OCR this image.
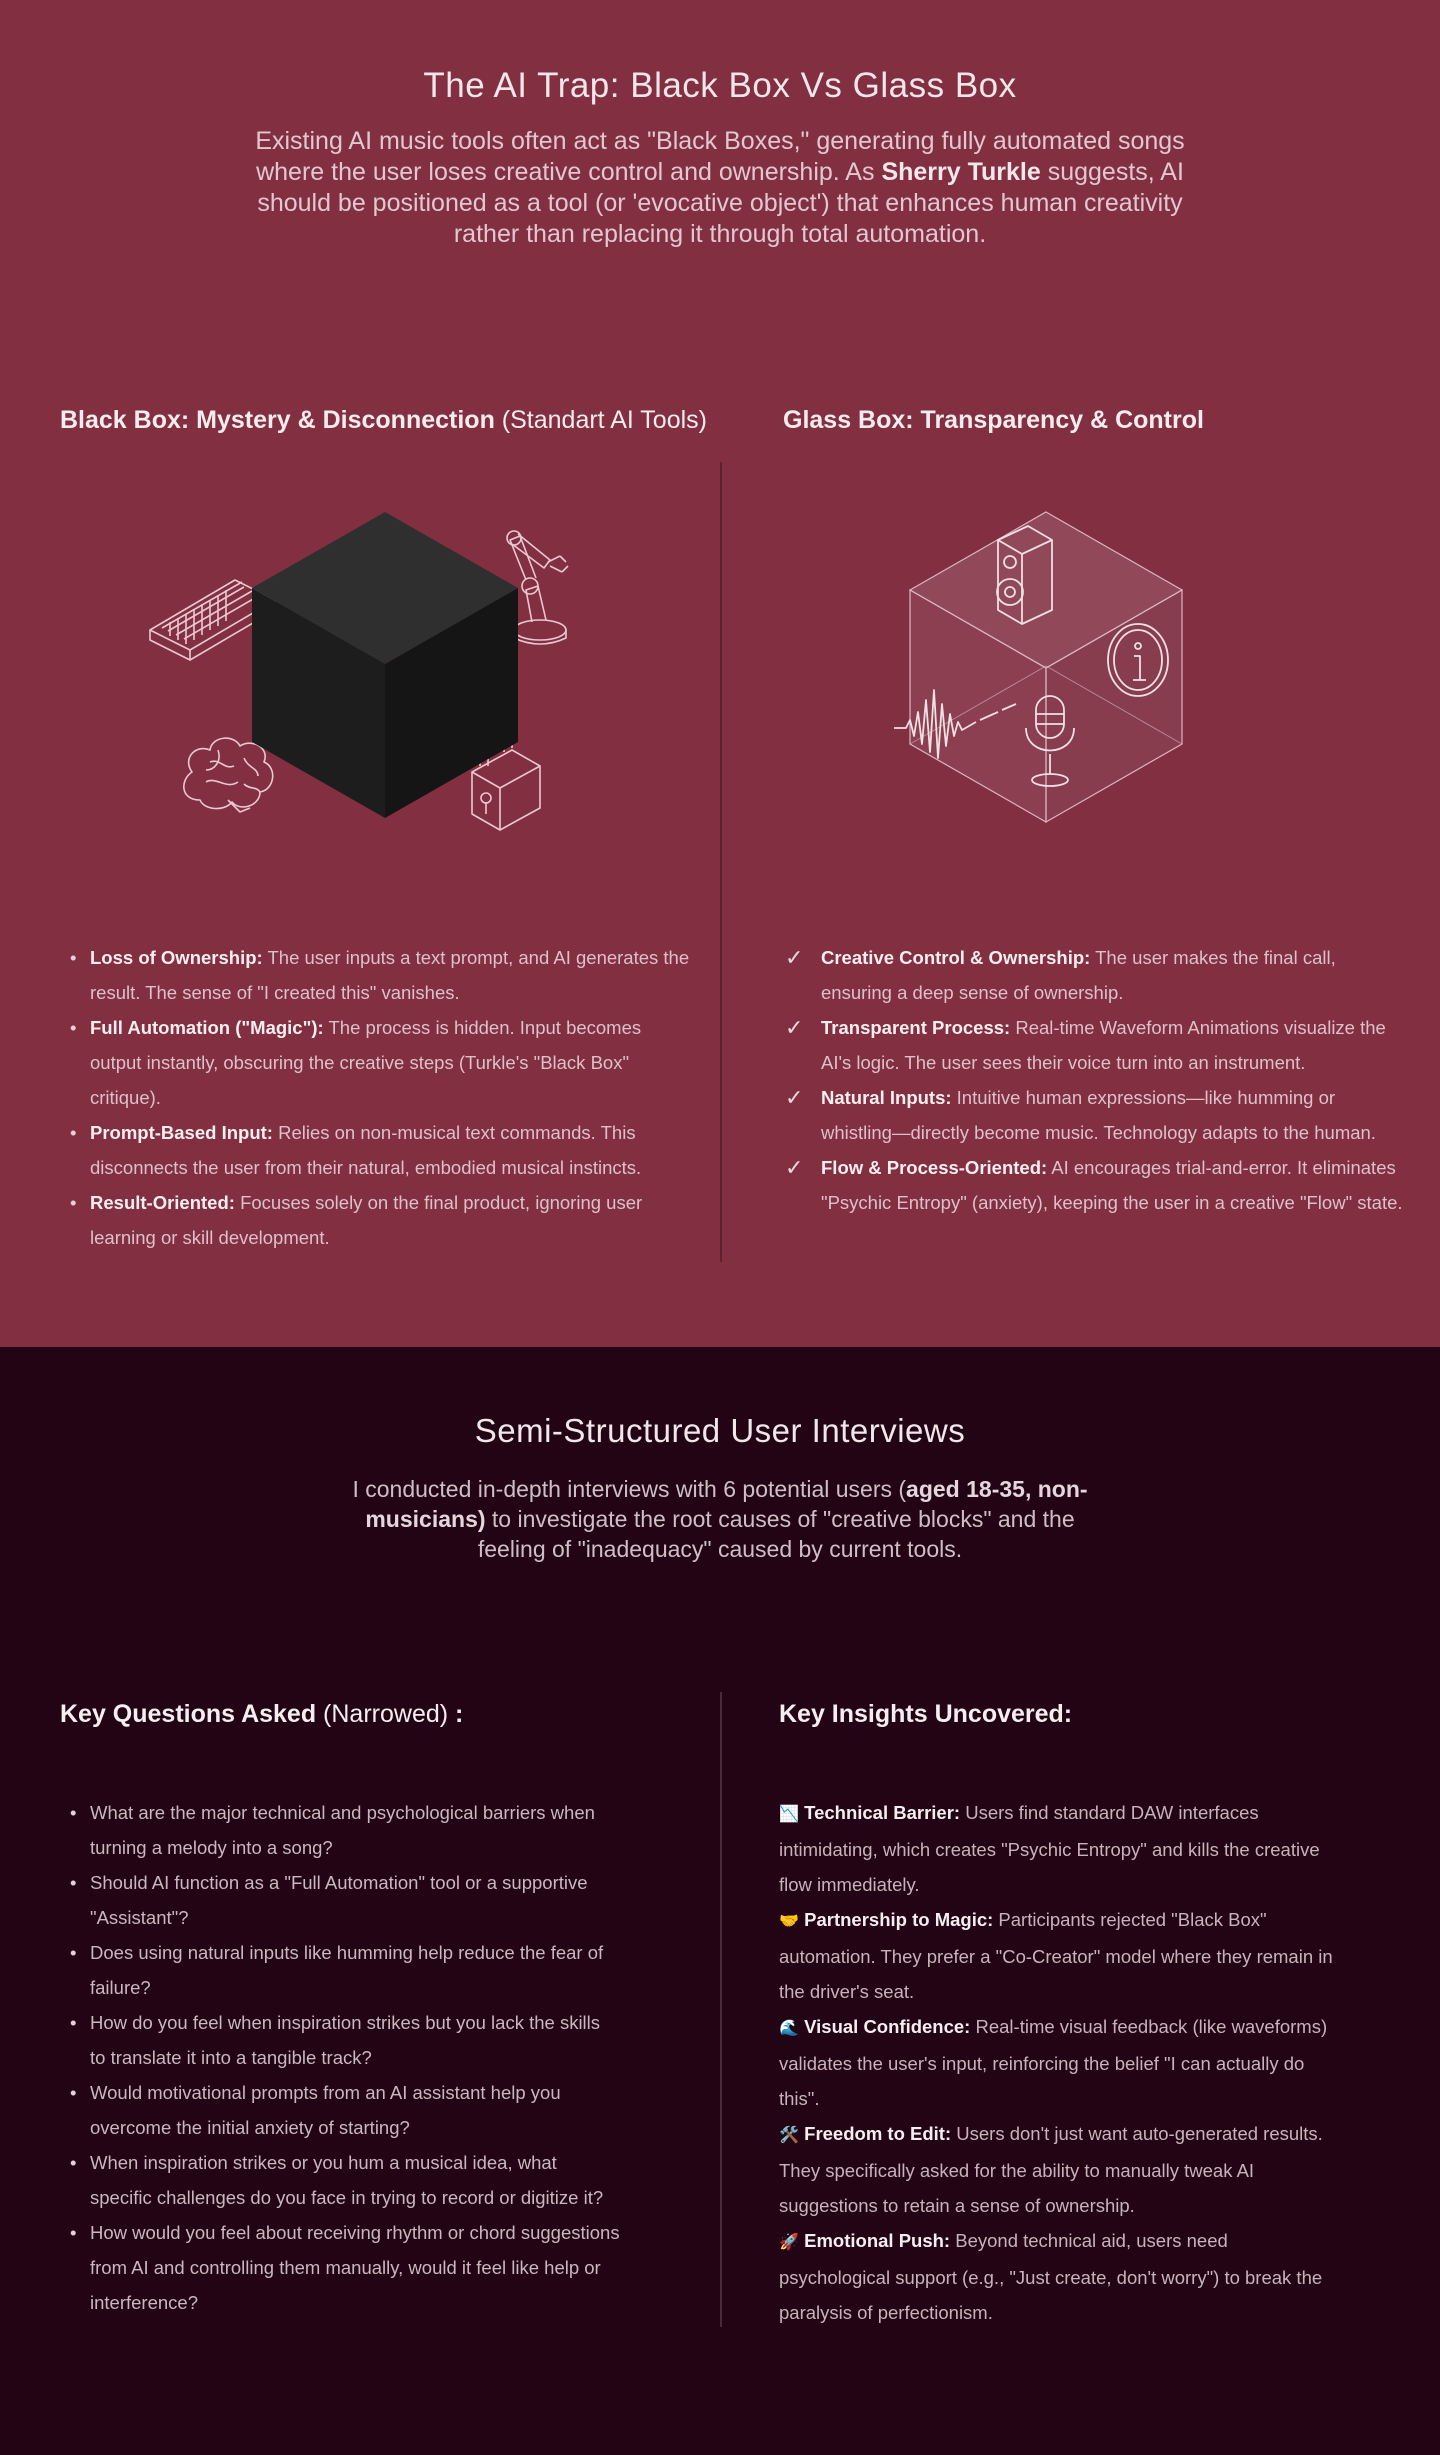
The AI Trap: Black Box Vs Glass Box

Existing AI music tools often act as "Black Boxes," generating fully automated songs where the user loses creative control and ownership. As Sherry Turkle suggests, AI should be positioned as a tool (or 'evocative object') that enhances human creativity rather than replacing it through total automation.

Black Box: Mystery & Disconnection (Standart AI Tools)	Glass Box: Transparency & Control
• Loss of Ownership: The user inputs a text prompt, and AI generates the result. The sense of "I created this" vanishes.
• Full Automation ("Magic"): The process is hidden. Input becomes output instantly, obscuring the creative steps (Turkle's "Black Box" critique).
• Prompt-Based Input: Relies on non-musical text commands. This disconnects the user from their natural, embodied musical instincts.
• Result-Oriented: Focuses solely on the final product, ignoring user learning or skill development.
✓ Creative Control & Ownership: The user makes the final call, ensuring a deep sense of ownership.
✓ Transparent Process: Real-time Waveform Animations visualize the AI's logic. The user sees their voice turn into an instrument.
✓ Natural Inputs: Intuitive human expressions—like humming or whistling—directly become music. Technology adapts to the human.
✓ Flow & Process-Oriented: AI encourages trial-and-error. It eliminates "Psychic Entropy" (anxiety), keeping the user in a creative "Flow" state.
Semi-Structured User Interviews

I conducted in-depth interviews with 6 potential users (aged 18-35, non-musicians) to investigate the root causes of "creative blocks" and the feeling of "inadequacy" caused by current tools.

Key Questions Asked (Narrowed) :	Key Insights Uncovered:
• What are the major technical and psychological barriers when turning a melody into a song?
• Should AI function as a "Full Automation" tool or a supportive "Assistant"?
• Does using natural inputs like humming help reduce the fear of failure?
• How do you feel when inspiration strikes but you lack the skills to translate it into a tangible track?
• Would motivational prompts from an AI assistant help you overcome the initial anxiety of starting?
• When inspiration strikes or you hum a musical idea, what specific challenges do you face in trying to record or digitize it?
• How would you feel about receiving rhythm or chord suggestions from AI and controlling them manually, would it feel like help or interference?
📉 Technical Barrier: Users find standard DAW interfaces intimidating, which creates "Psychic Entropy" and kills the creative flow immediately.
🤝 Partnership to Magic: Participants rejected "Black Box" automation. They prefer a "Co-Creator" model where they remain in the driver's seat.
🌊 Visual Confidence: Real-time visual feedback (like waveforms) validates the user's input, reinforcing the belief "I can actually do this".
🛠️ Freedom to Edit: Users don't just want auto-generated results. They specifically asked for the ability to manually tweak AI suggestions to retain a sense of ownership.
🚀 Emotional Push: Beyond technical aid, users need psychological support (e.g., "Just create, don't worry") to break the paralysis of perfectionism.
